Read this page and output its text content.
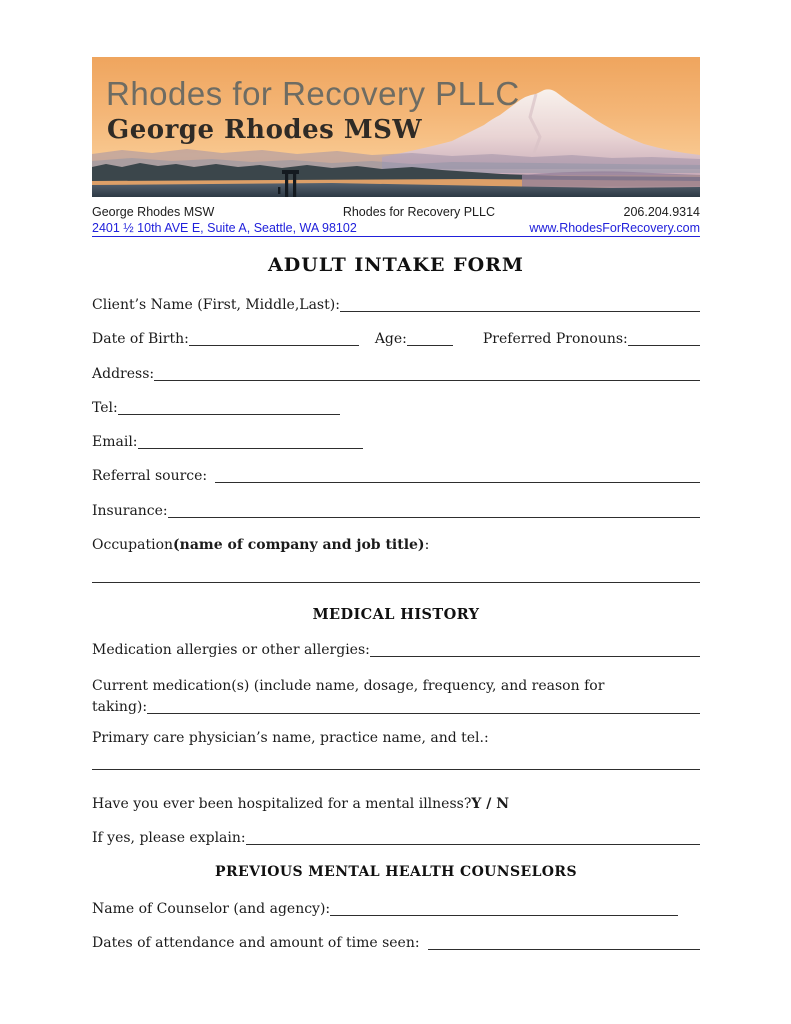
Rhodes for Recovery PLLC
George Rhodes MSW
George Rhodes MSW	Rhodes for Recovery PLLC	206.204.9314
2401 ½ 10th AVE E, Suite A, Seattle, WA 98102	www.RhodesForRecovery.com
ADULT INTAKE FORM
Client’s Name (First, Middle,Last):
Date of Birth:	Age:	Preferred Pronouns:
Address:
Tel:
Email:
Referral source:
Insurance:
Occupation (name of company and job title) :
MEDICAL HISTORY
Medication allergies or other allergies:
Current medication(s) (include name, dosage, frequency, and reason for
taking):
Primary care physician’s name, practice name, and tel.:
Have you ever been hospitalized for a mental illness? Y / N
If yes, please explain:
PREVIOUS MENTAL HEALTH COUNSELORS
Name of Counselor (and agency):
Dates of attendance and amount of time seen:
